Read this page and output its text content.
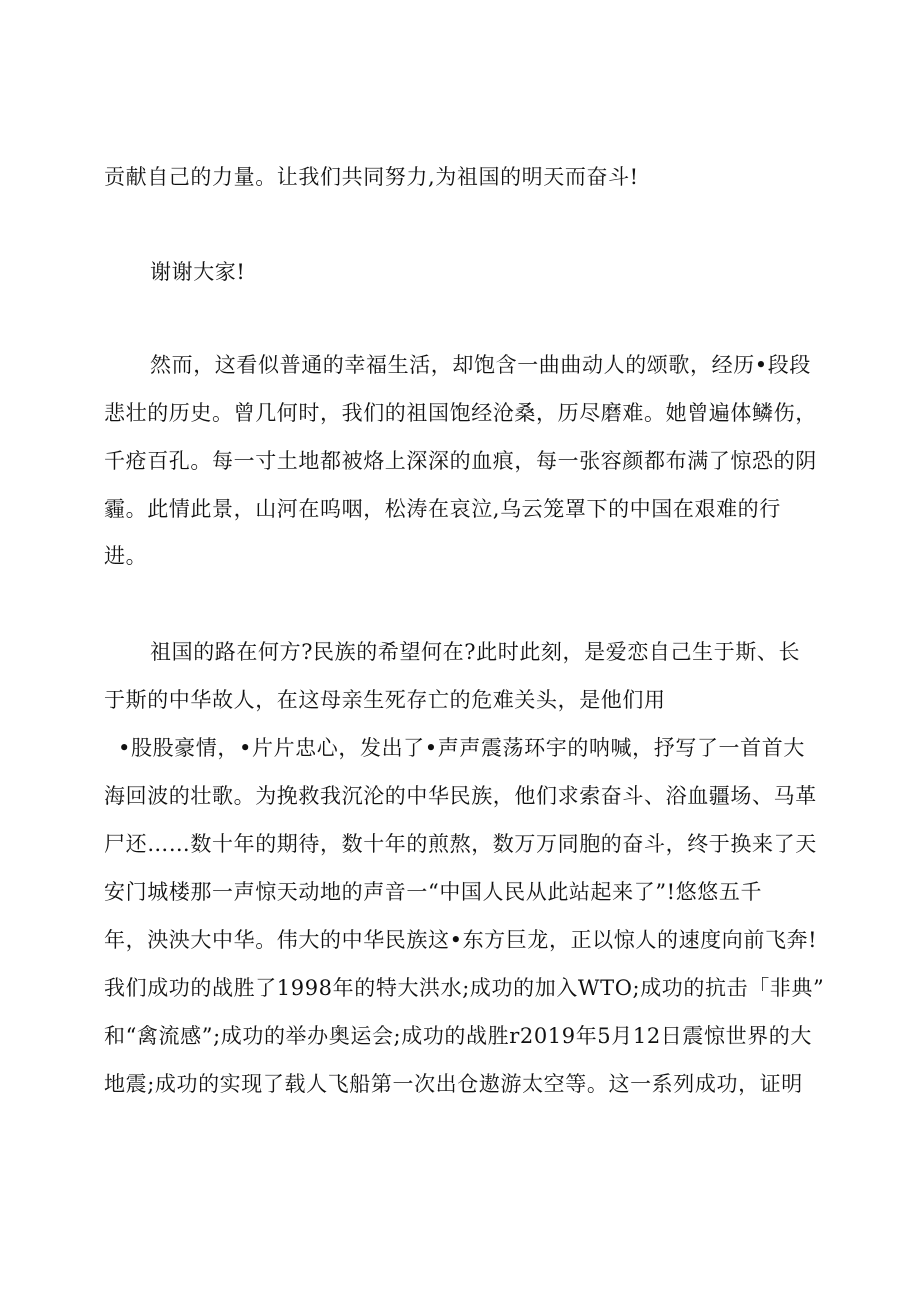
贡献自己的力量。让我们共同努力,为祖国的明天而奋斗!
谢谢大家!
然而，这看似普通的幸福生活，却饱含一曲曲动人的颂歌，经历•段段
悲壮的历史。曾几何时，我们的祖国饱经沧桑，历尽磨难。她曾遍体鳞伤，
千疮百孔。每一寸土地都被烙上深深的血痕，每一张容颜都布满了惊恐的阴
霾。此情此景，山河在呜咽，松涛在哀泣,乌云笼罩下的中国在艰难的行
进。
祖国的路在何方?民族的希望何在?此时此刻，是爱恋自己生于斯、长
于斯的中华故人，在这母亲生死存亡的危难关头，是他们用
•股股豪情，•片片忠心，发出了•声声震荡环宇的呐喊，抒写了一首首大
海回波的壮歌。为挽救我沉沦的中华民族，他们求索奋斗、浴血疆场、马革
尸还……数十年的期待，数十年的煎熬，数万万同胞的奋斗，终于换来了天
安门城楼那一声惊天动地的声音一“中国人民从此站起来了”!悠悠五千
年，泱泱大中华。伟大的中华民族这•东方巨龙，正以惊人的速度向前飞奔!
我们成功的战胜了1998年的特大洪水;成功的加入WTO;成功的抗击「非典”
和“禽流感”;成功的举办奥运会;成功的战胜r2019年5月12日震惊世界的大
地震;成功的实现了载人飞船第一次出仓遨游太空等。这一系列成功，证明
